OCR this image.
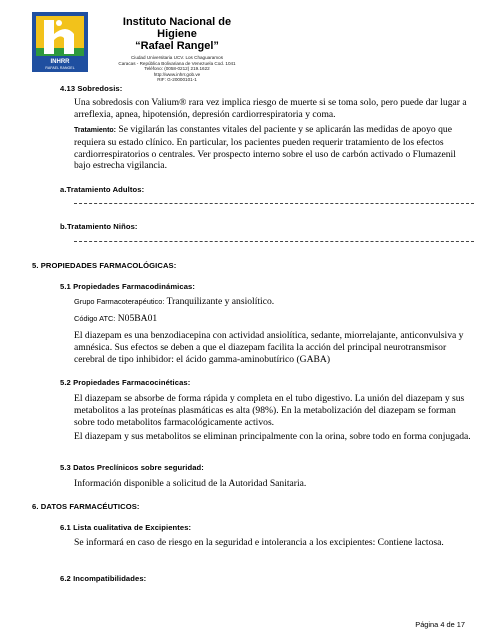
INHRR
RAFAEL RANGEL
Instituto Nacional de Higiene
“Rafael Rangel”
Ciudad Universitaria UCV. Los Chaguaramos
Caracas - República Bolivariana de Venezuela Cod. 1041
Teléfono: (0058-0212) 219.1622
http://www.inhrr.gob.ve
RIF: G-20000101-1
4.13 Sobredosis:
Una sobredosis con Valium® rara vez implica riesgo de muerte si se toma solo, pero puede dar lugar a arreflexia, apnea, hipotensión, depresión cardiorrespiratoria y coma.
Tratamiento: Se vigilarán las constantes vitales del paciente y se aplicarán las medidas de apoyo que requiera su estado clínico. En particular, los pacientes pueden requerir tratamiento de los efectos cardiorrespiratorios o centrales. Ver prospecto interno sobre el uso de carbón activado o Flumazenil bajo estrecha vigilancia.
a.Tratamiento Adultos:
b.Tratamiento Niños:
5. PROPIEDADES FARMACOLÓGICAS:
5.1 Propiedades Farmacodinámicas:
Grupo Farmacoterapéutico: Tranquilizante y ansiolítico.
Código ATC: N05BA01
El diazepam es una benzodiacepina con actividad ansiolítica, sedante, miorrelajante, anticonvulsiva y amnésica. Sus efectos se deben a que el diazepam facilita la acción del principal neurotransmisor cerebral de tipo inhibidor: el ácido gamma-aminobutírico (GABA)
5.2 Propiedades Farmacocinéticas:
El diazepam se absorbe de forma rápida y completa en el tubo digestivo. La unión del diazepam y sus metabolitos a las proteínas plasmáticas es alta (98%). En la metabolización del diazepam se forman sobre todo metabolitos farmacológicamente activos.
El diazepam y sus metabolitos se eliminan principalmente con la orina, sobre todo en forma conjugada.
5.3 Datos Preclínicos sobre seguridad:
Información disponible a solicitud de la Autoridad Sanitaria.
6. DATOS FARMACÉUTICOS:
6.1 Lista cualitativa de Excipientes:
Se informará en caso de riesgo en la seguridad e intolerancia a los excipientes: Contiene lactosa.
6.2 Incompatibilidades:
Página 4 de 17
